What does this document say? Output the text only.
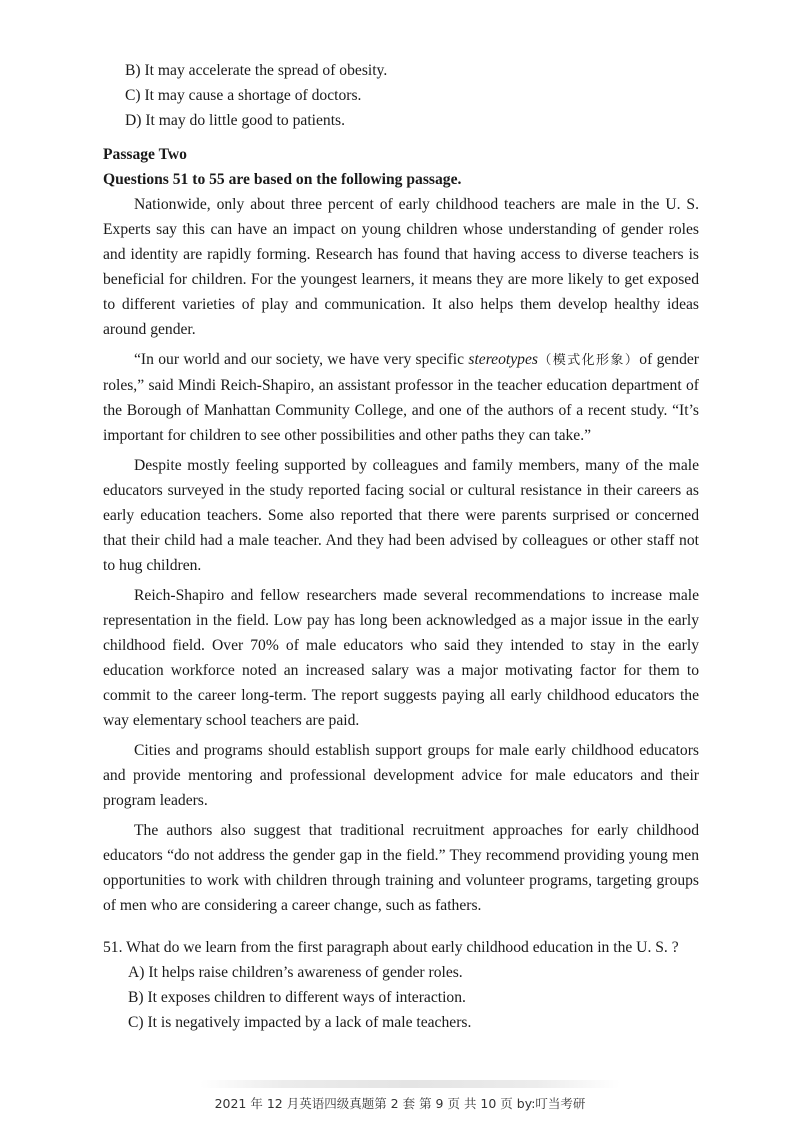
B) It may accelerate the spread of obesity.
C) It may cause a shortage of doctors.
D) It may do little good to patients.
Passage Two
Questions 51 to 55 are based on the following passage.

Nationwide, only about three percent of early childhood teachers are male in the U. S. Experts say this can have an impact on young children whose understanding of gender roles and identity are rapidly forming. Research has found that having access to diverse teachers is beneficial for children. For the youngest learners, it means they are more likely to get exposed to different varieties of play and communication. It also helps them develop healthy ideas around gender.

“In our world and our society, we have very specific stereotypes（模式化形象）of gender roles,” said Mindi Reich-Shapiro, an assistant professor in the teacher education department of the Borough of Manhattan Community College, and one of the authors of a recent study. “It’s important for children to see other possibilities and other paths they can take.”

Despite mostly feeling supported by colleagues and family members, many of the male educators surveyed in the study reported facing social or cultural resistance in their careers as early education teachers. Some also reported that there were parents surprised or concerned that their child had a male teacher. And they had been advised by colleagues or other staff not to hug children.

Reich-Shapiro and fellow researchers made several recommendations to increase male representation in the field. Low pay has long been acknowledged as a major issue in the early childhood field. Over 70% of male educators who said they intended to stay in the early education workforce noted an increased salary was a major motivating factor for them to commit to the career long-term. The report suggests paying all early childhood educators the way elementary school teachers are paid.

Cities and programs should establish support groups for male early childhood educators and provide mentoring and professional development advice for male educators and their program leaders.

The authors also suggest that traditional recruitment approaches for early childhood educators “do not address the gender gap in the field.” They recommend providing young men opportunities to work with children through training and volunteer programs, targeting groups of men who are considering a career change, such as fathers.

51. What do we learn from the first paragraph about early childhood education in the U. S. ?
A) It helps raise children’s awareness of gender roles.
B) It exposes children to different ways of interaction.
C) It is negatively impacted by a lack of male teachers.
2021 年 12 月英语四级真题第 2 套 第 9 页 共 10 页 by:叮当考研
